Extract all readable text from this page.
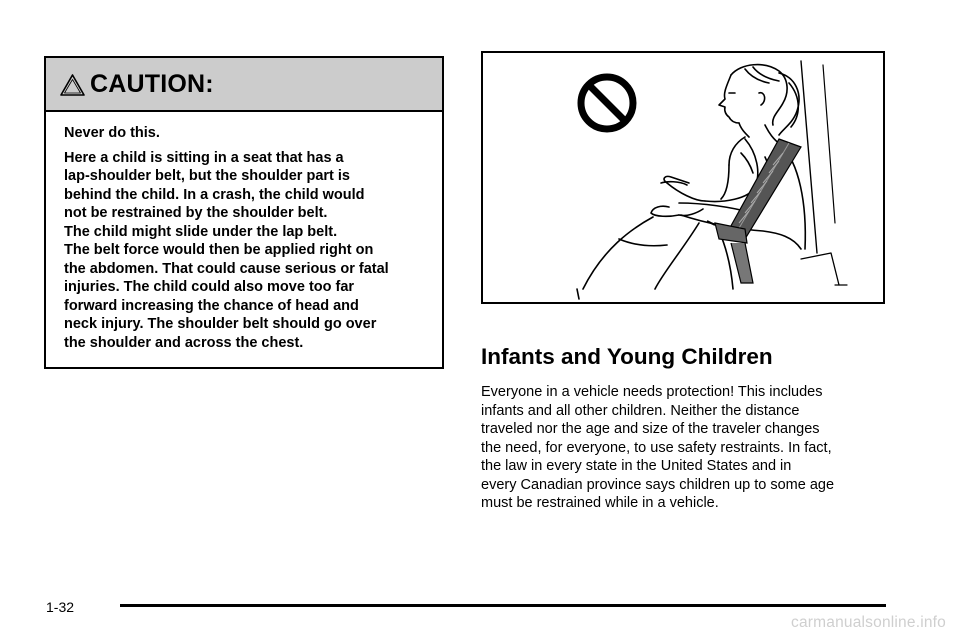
CAUTION:

Never do this.

Here a child is sitting in a seat that has a

lap-shoulder belt, but the shoulder part is

behind the child. In a crash, the child would

not be restrained by the shoulder belt.

The child might slide under the lap belt.

The belt force would then be applied right on

the abdomen. That could cause serious or fatal

injuries. The child could also move too far

forward increasing the chance of head and

neck injury. The shoulder belt should go over

the shoulder and across the chest.

Infants and Young Children
Everyone in a vehicle needs protection! This includes
infants and all other children. Neither the distance
traveled nor the age and size of the traveler changes
the need, for everyone, to use safety restraints. In fact,
the law in every state in the United States and in
every Canadian province says children up to some age
must be restrained while in a vehicle.
1-32
carmanualsonline.info
